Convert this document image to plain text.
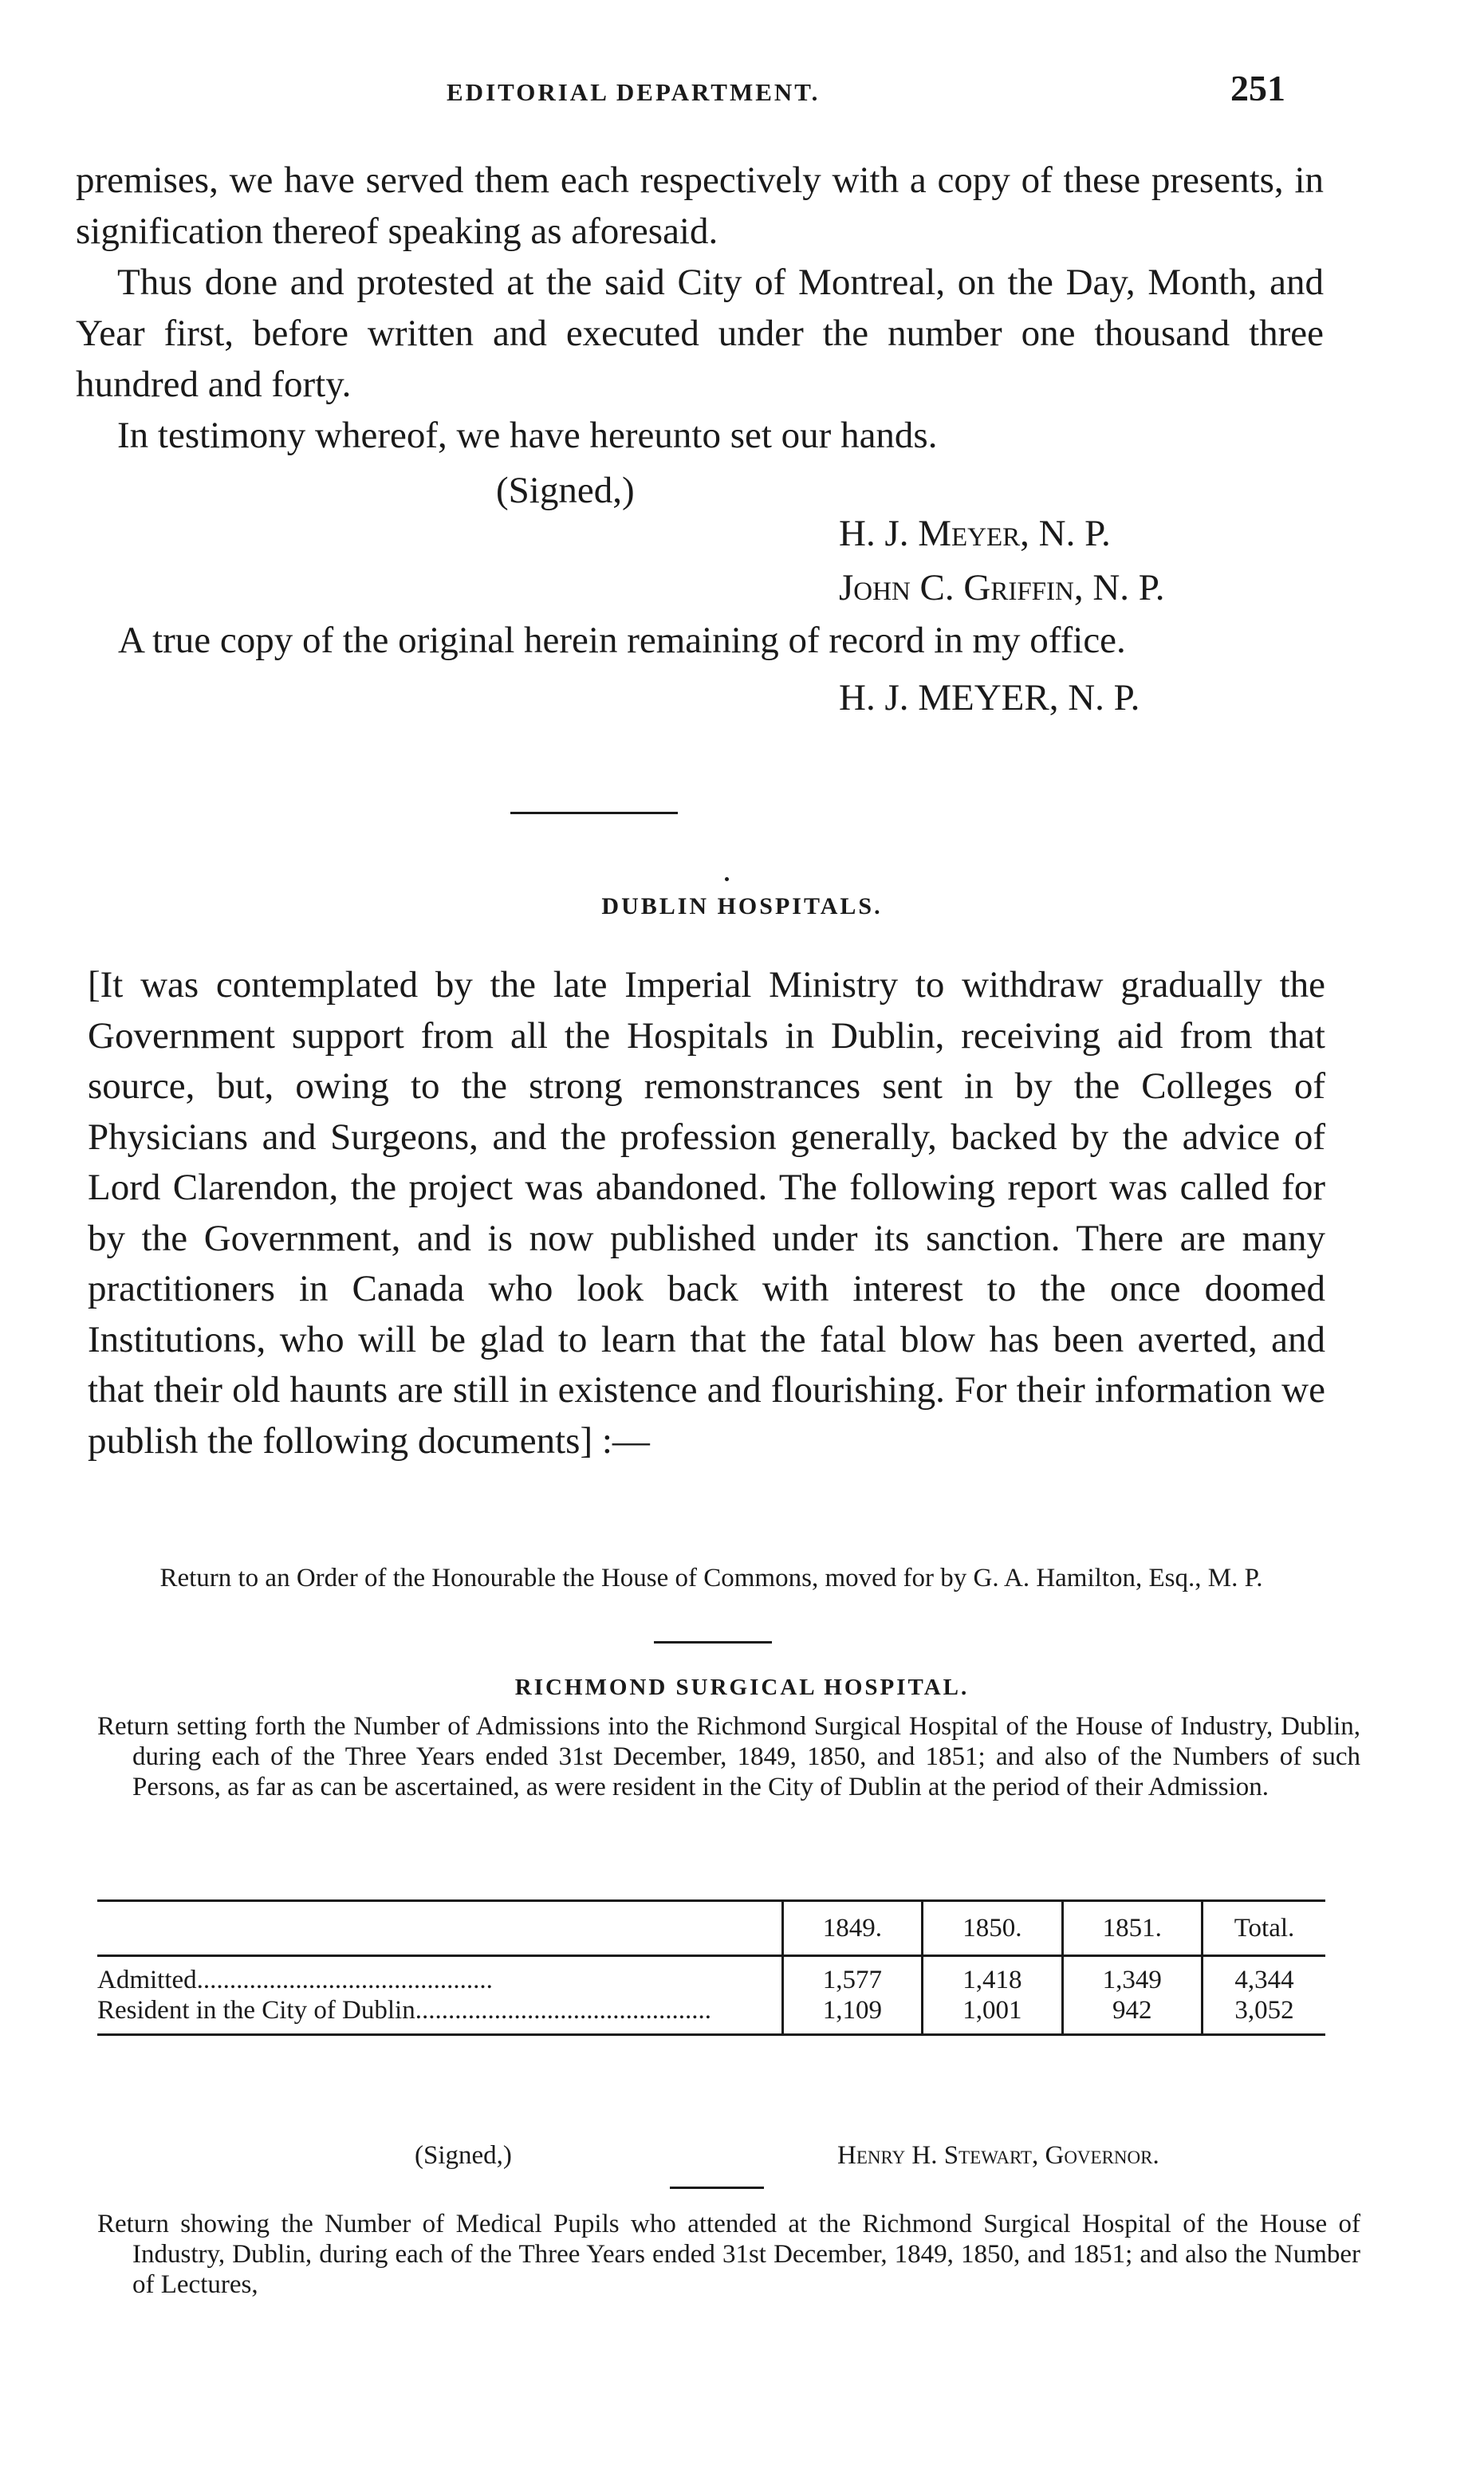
EDITORIAL DEPARTMENT.	251

premises, we have served them each respectively with a copy of these presents, in signification thereof speaking as aforesaid.

Thus done and protested at the said City of Montreal, on the Day, Month, and Year first, before written and executed under the number one thousand three hundred and forty.

In testimony whereof, we have hereunto set our hands.

(Signed,)
H. J. Meyer, N. P.
John C. Griffin, N. P.
A true copy of the original herein remaining of record in my office.
H. J. MEYER, N. P.
DUBLIN HOSPITALS.

[It was contemplated by the late Imperial Ministry to withdraw gradually the Government support from all the Hospitals in Dublin, receiving aid from that source, but, owing to the strong remonstrances sent in by the Colleges of Physicians and Surgeons, and the profession generally, backed by the advice of Lord Clarendon, the project was abandoned. The following report was called for by the Government, and is now published under its sanction. There are many practitioners in Canada who look back with interest to the once doomed Institutions, who will be glad to learn that the fatal blow has been averted, and that their old haunts are still in existence and flourishing. For their information we publish the following documents] :—

Return to an Order of the Honourable the House of Commons, moved for by G. A. Hamilton, Esq., M. P.

RICHMOND SURGICAL HOSPITAL.

Return setting forth the Number of Admissions into the Richmond Surgical Hospital of the House of Industry, Dublin, during each of the Three Years ended 31st December, 1849, 1850, and 1851; and also of the Numbers of such Persons, as far as can be ascertained, as were resident in the City of Dublin at the period of their Admission.

	1849.	1850.	1851.	Total.
Admitted.............................................	1,577	1,418	1,349	4,344
Resident in the City of Dublin.............................................	1,109	1,001	942	3,052
(Signed,)	Henry H. Stewart, Governor.

Return showing the Number of Medical Pupils who attended at the Richmond Surgical Hospital of the House of Industry, Dublin, during each of the Three Years ended 31st December, 1849, 1850, and 1851; and also the Number of Lectures,
